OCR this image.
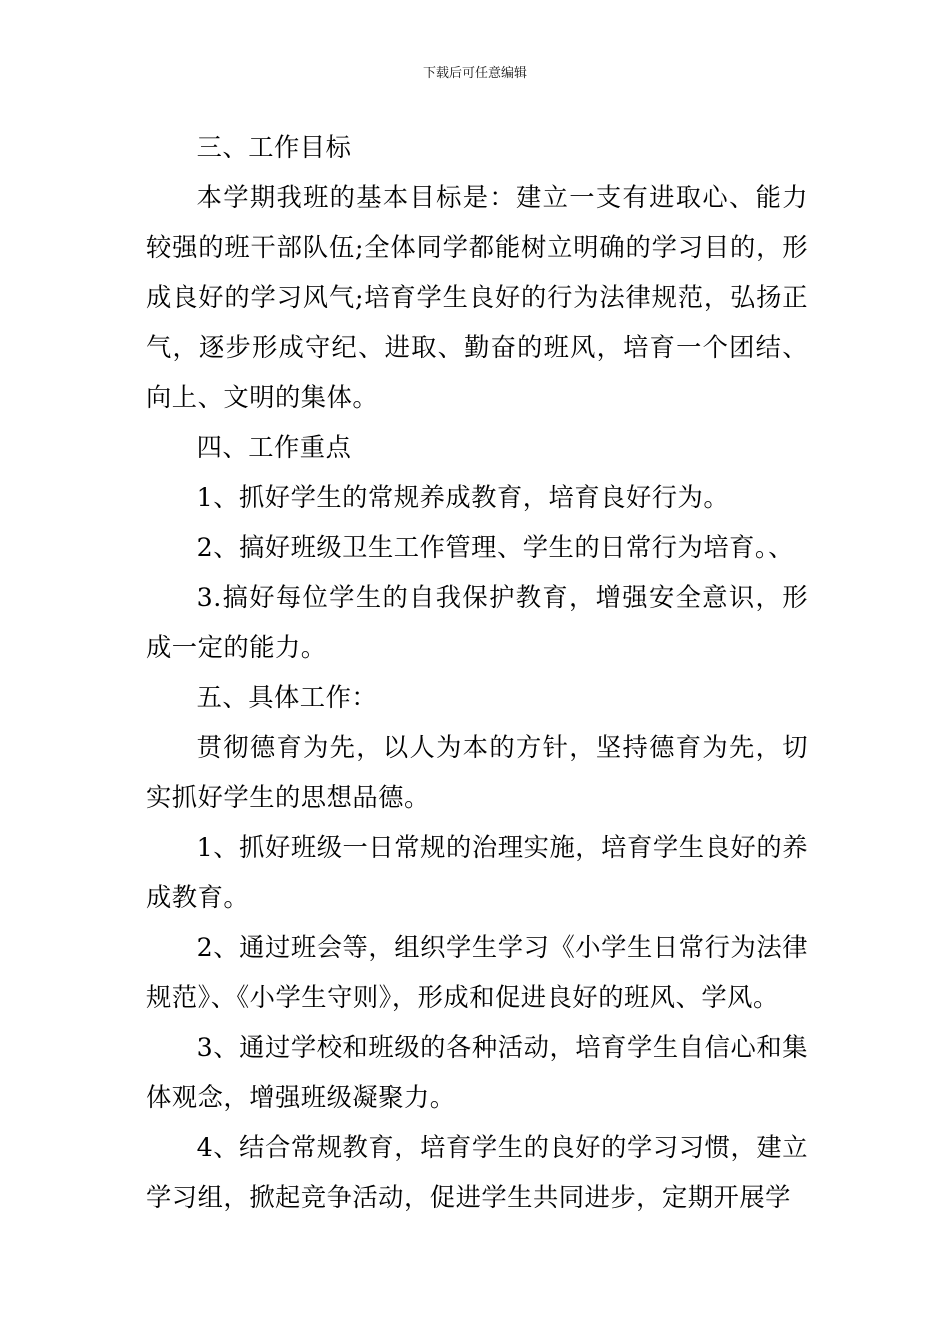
下载后可任意编辑

三、工作目标

本学期我班的基本目标是：建立一支有进取心、能力较强的班干部队伍;全体同学都能树立明确的学习目的，形成良好的学习风气;培育学生良好的行为法律规范，弘扬正气，逐步形成守纪、进取、勤奋的班风，培育一个团结、向上、文明的集体。

四、工作重点

1、抓好学生的常规养成教育，培育良好行为。

2、搞好班级卫生工作管理、学生的日常行为培育。、

3.搞好每位学生的自我保护教育，增强安全意识，形成一定的能力。

五、具体工作：

贯彻德育为先，以人为本的方针，坚持德育为先，切实抓好学生的思想品德。

1、抓好班级一日常规的治理实施，培育学生良好的养成教育。

2、通过班会等，组织学生学习《小学生日常行为法律规范》、《小学生守则》，形成和促进良好的班风、学风。

3、通过学校和班级的各种活动，培育学生自信心和集体观念，增强班级凝聚力。

4、结合常规教育，培育学生的良好的学习习惯，建立学习组，掀起竞争活动，促进学生共同进步，定期开展学
